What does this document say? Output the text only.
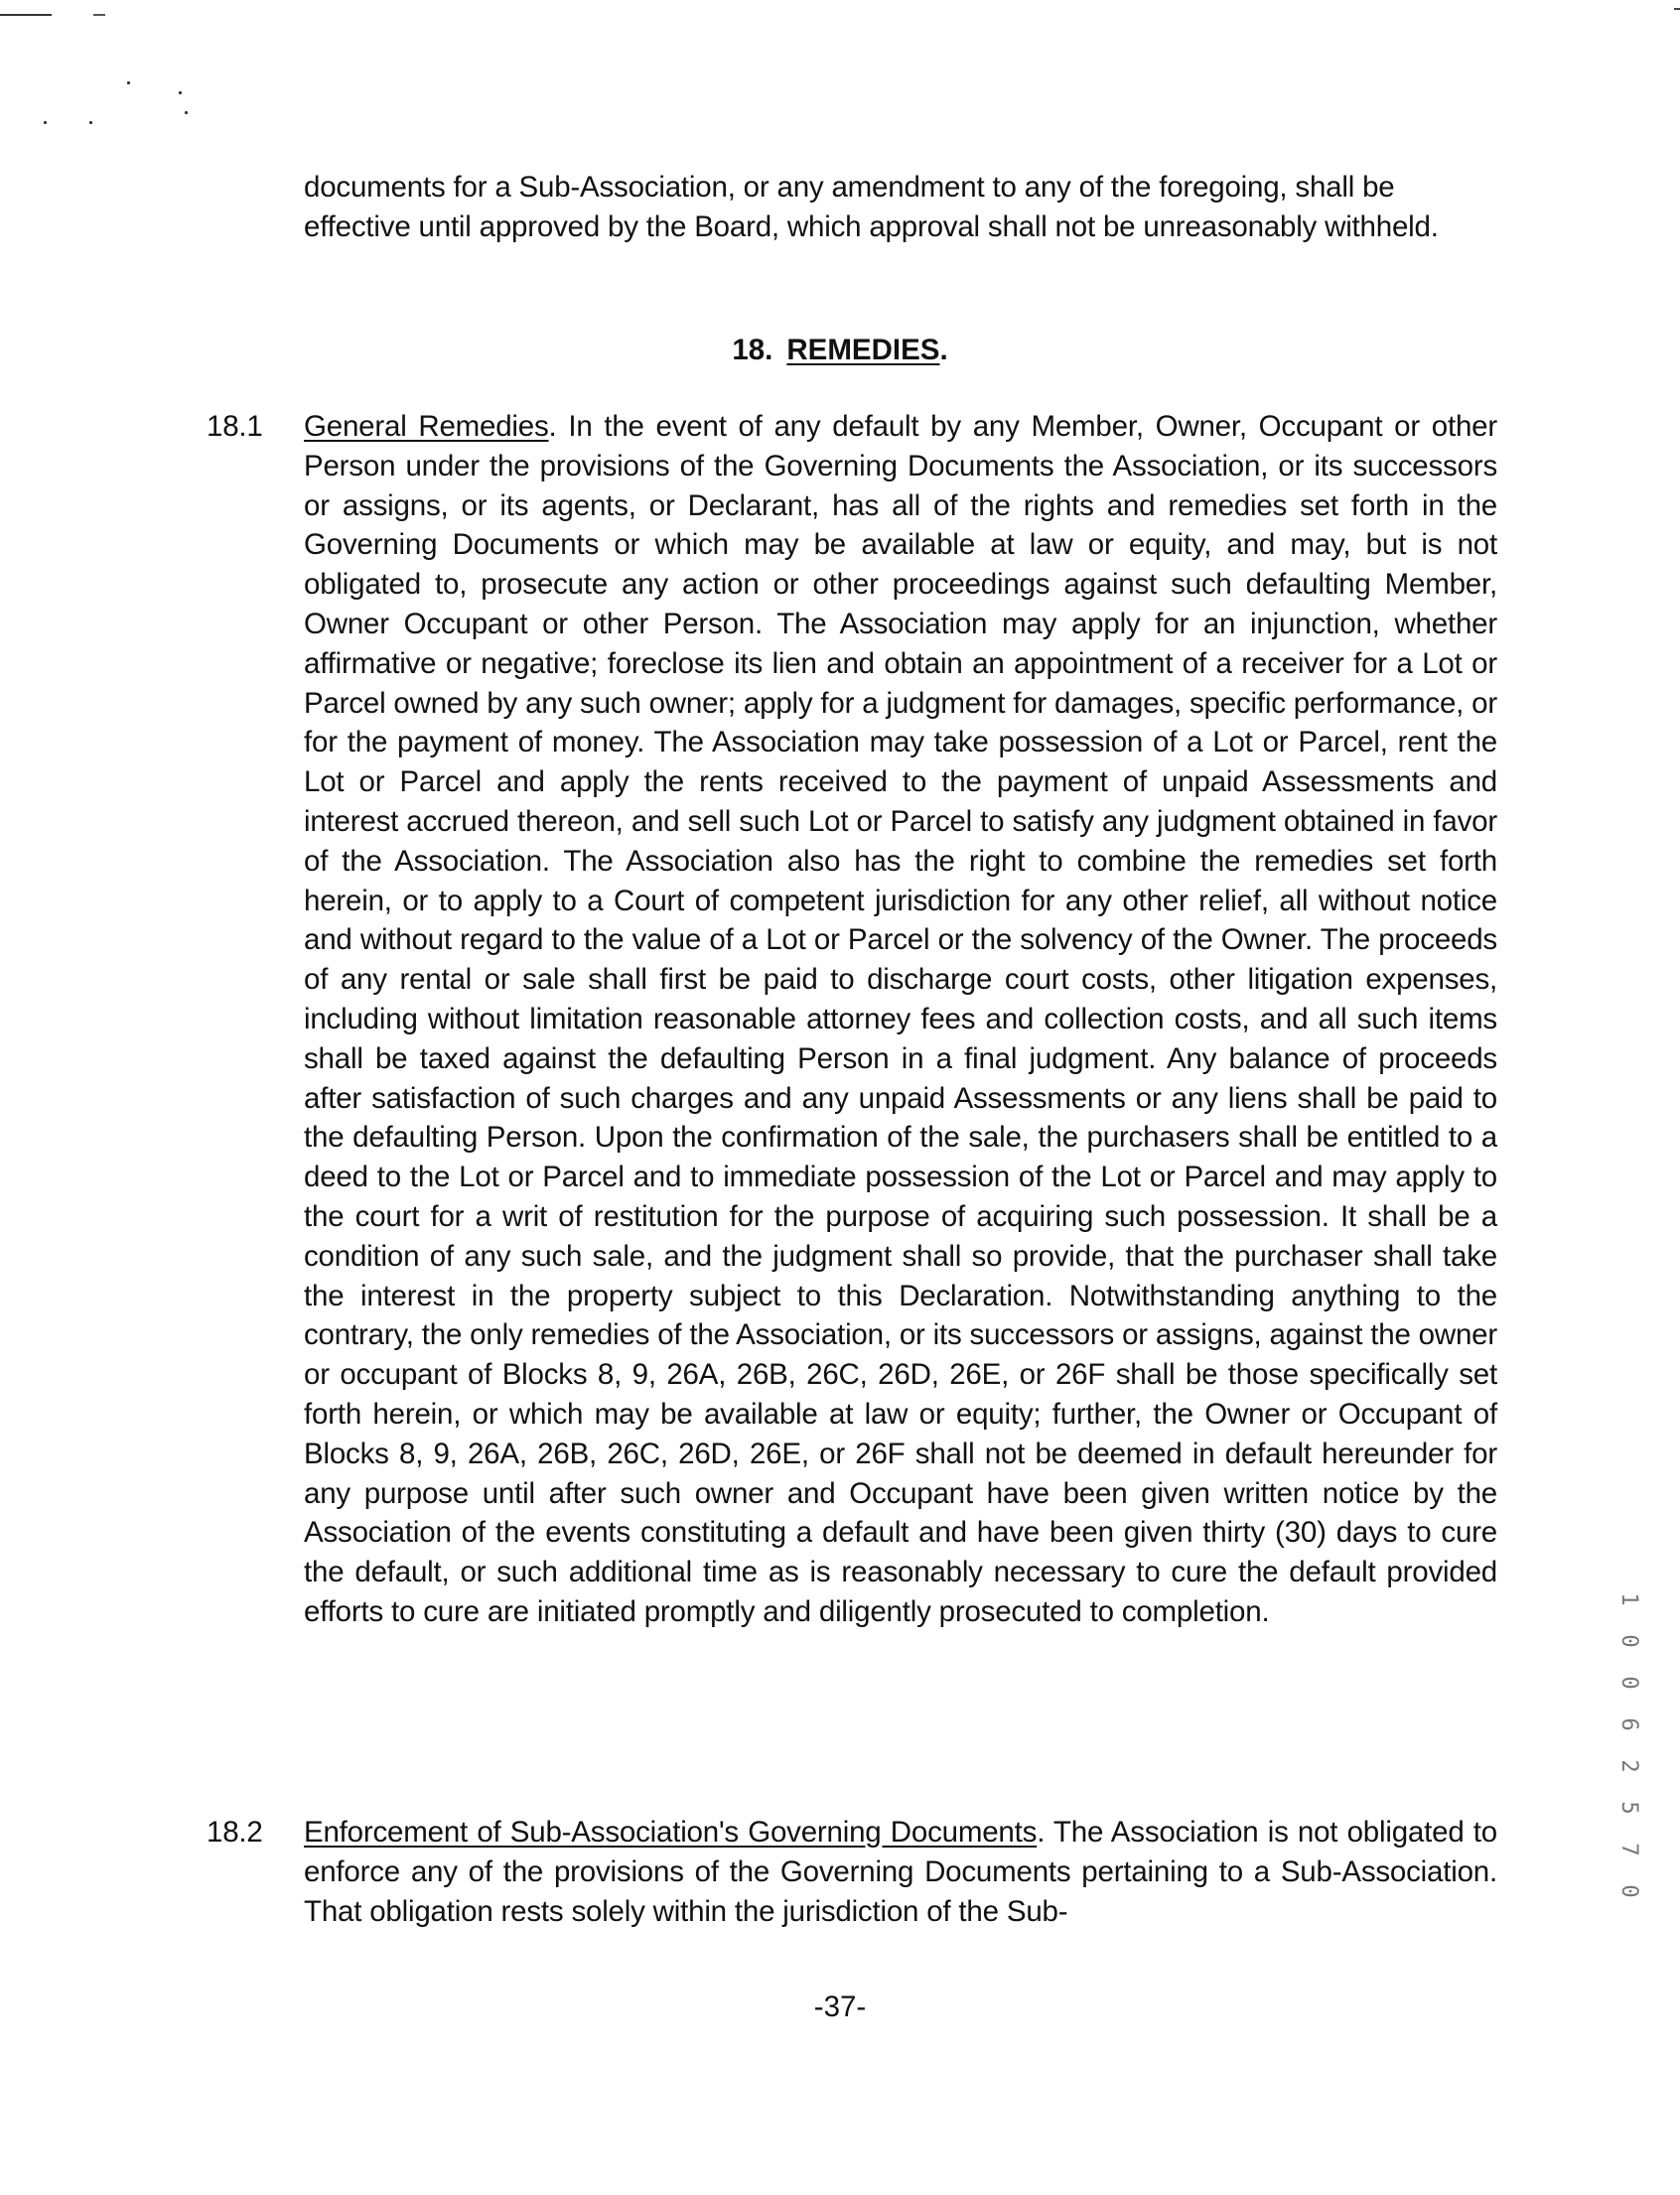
documents for a Sub-Association, or any amendment to any of the foregoing, shall be effective until approved by the Board, which approval shall not be unreasonably withheld.

18. REMEDIES.
18.1	General Remedies. In the event of any default by any Member, Owner, Occupant or other Person under the provisions of the Governing Documents the Association, or its successors or assigns, or its agents, or Declarant, has all of the rights and remedies set forth in the Governing Documents or which may be available at law or equity, and may, but is not obligated to, prosecute any action or other proceedings against such defaulting Member, Owner Occupant or other Person. The Association may apply for an injunction, whether affirmative or negative; foreclose its lien and obtain an appointment of a receiver for a Lot or Parcel owned by any such owner; apply for a judgment for damages, specific performance, or for the payment of money. The Association may take possession of a Lot or Parcel, rent the Lot or Parcel and apply the rents received to the payment of unpaid Assessments and interest accrued thereon, and sell such Lot or Parcel to satisfy any judgment obtained in favor of the Association. The Association also has the right to combine the remedies set forth herein, or to apply to a Court of competent jurisdiction for any other relief, all without notice and without regard to the value of a Lot or Parcel or the solvency of the Owner. The proceeds of any rental or sale shall first be paid to discharge court costs, other litigation expenses, including without limitation reasonable attorney fees and collection costs, and all such items shall be taxed against the defaulting Person in a final judgment. Any balance of proceeds after satisfaction of such charges and any unpaid Assessments or any liens shall be paid to the defaulting Person. Upon the confirmation of the sale, the purchasers shall be entitled to a deed to the Lot or Parcel and to immediate possession of the Lot or Parcel and may apply to the court for a writ of restitution for the purpose of acquiring such possession. It shall be a condition of any such sale, and the judgment shall so provide, that the purchaser shall take the interest in the property subject to this Declaration. Notwithstanding anything to the contrary, the only remedies of the Association, or its successors or assigns, against the owner or occupant of Blocks 8, 9, 26A, 26B, 26C, 26D, 26E, or 26F shall be those specifically set forth herein, or which may be available at law or equity; further, the Owner or Occupant of Blocks 8, 9, 26A, 26B, 26C, 26D, 26E, or 26F shall not be deemed in default hereunder for any purpose until after such owner and Occupant have been given written notice by the Association of the events constituting a default and have been given thirty (30) days to cure the default, or such additional time as is reasonably necessary to cure the default provided efforts to cure are initiated promptly and diligently prosecuted to completion.
18.2	Enforcement of Sub-Association's Governing Documents. The Association is not obligated to enforce any of the provisions of the Governing Documents pertaining to a Sub-Association. That obligation rests solely within the jurisdiction of the Sub-
-37-
1
0
0
6
2
5
7
0
